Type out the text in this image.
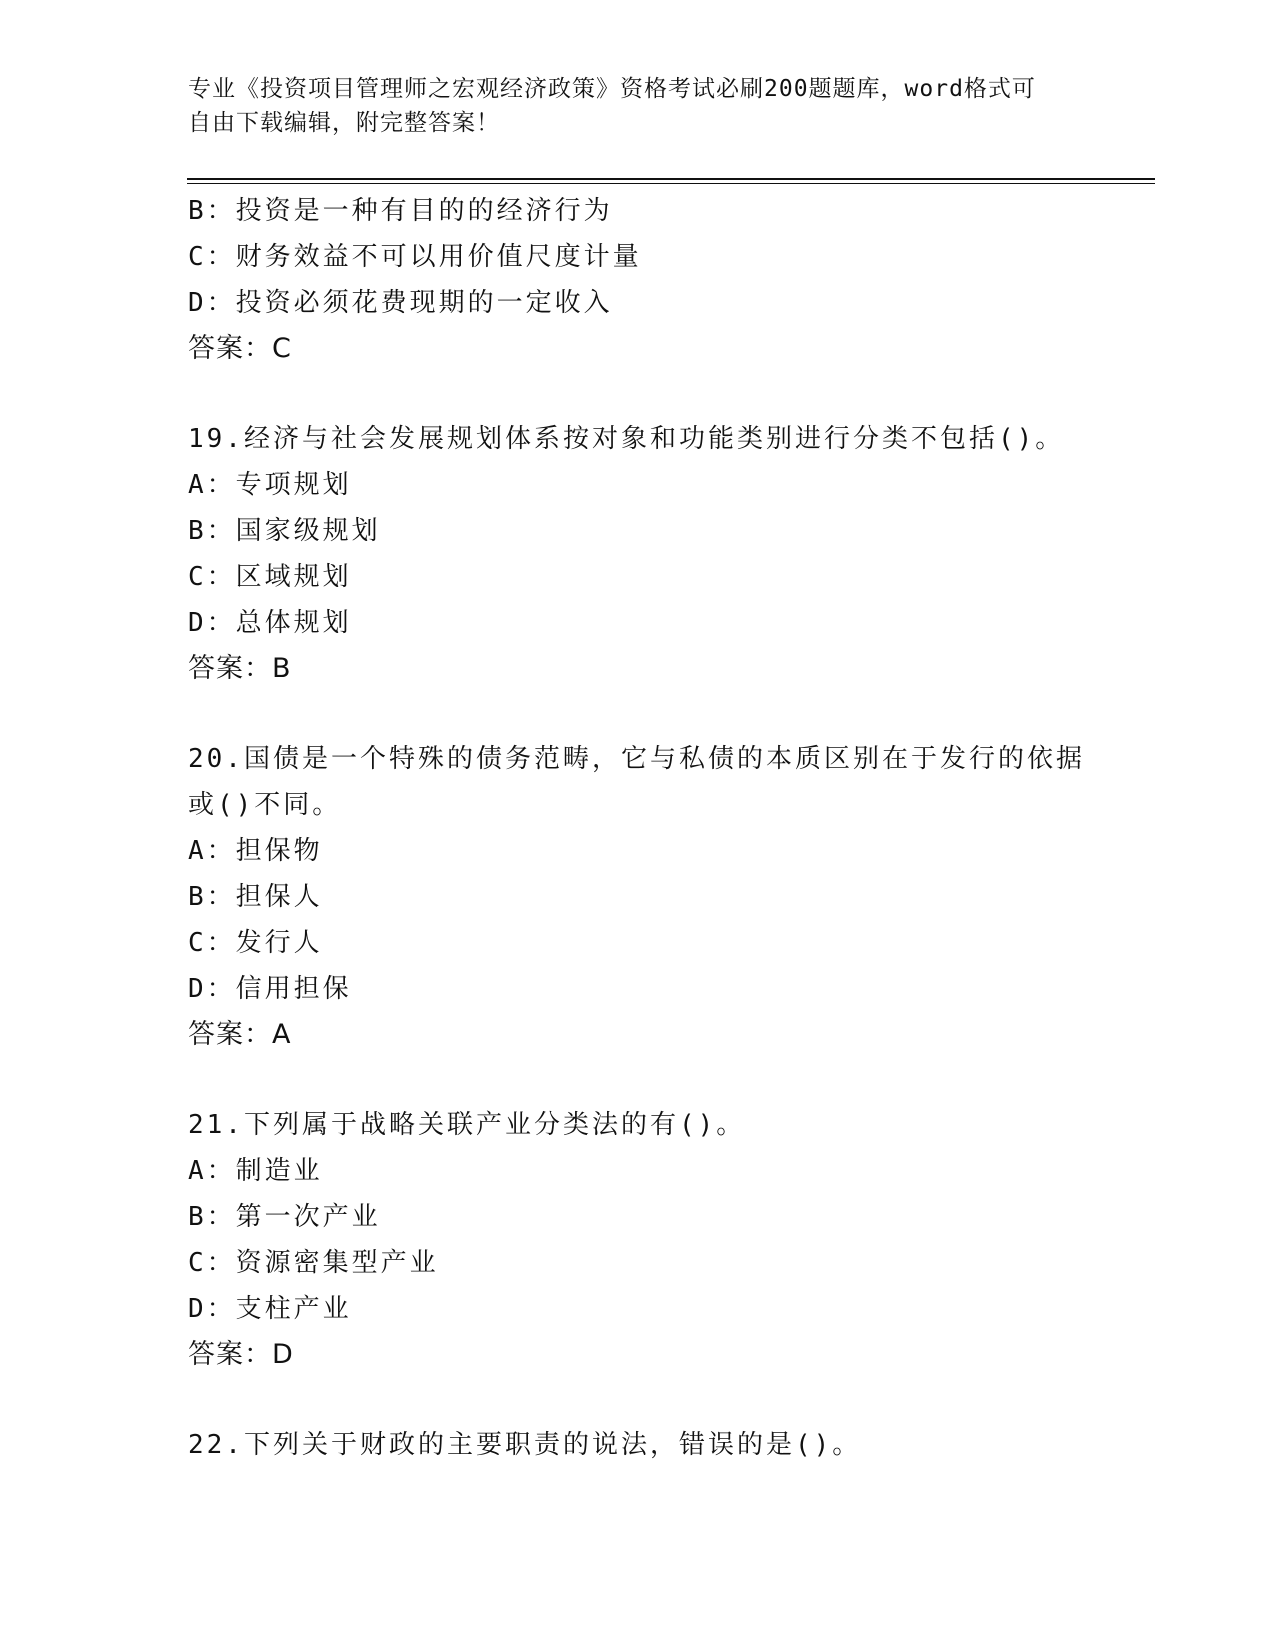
专业《投资项目管理师之宏观经济政策》资格考试必刷200题题库，word格式可
自由下载编辑，附完整答案！
B：投资是一种有目的的经济行为
C：财务效益不可以用价值尺度计量
D：投资必须花费现期的一定收入
答案：C
19.经济与社会发展规划体系按对象和功能类别进行分类不包括()。
A：专项规划
B：国家级规划
C：区域规划
D：总体规划
答案：B
20.国债是一个特殊的债务范畴，它与私债的本质区别在于发行的依据
或()不同。
A：担保物
B：担保人
C：发行人
D：信用担保
答案：A
21.下列属于战略关联产业分类法的有()。
A：制造业
B：第一次产业
C：资源密集型产业
D：支柱产业
答案：D
22.下列关于财政的主要职责的说法，错误的是()。
